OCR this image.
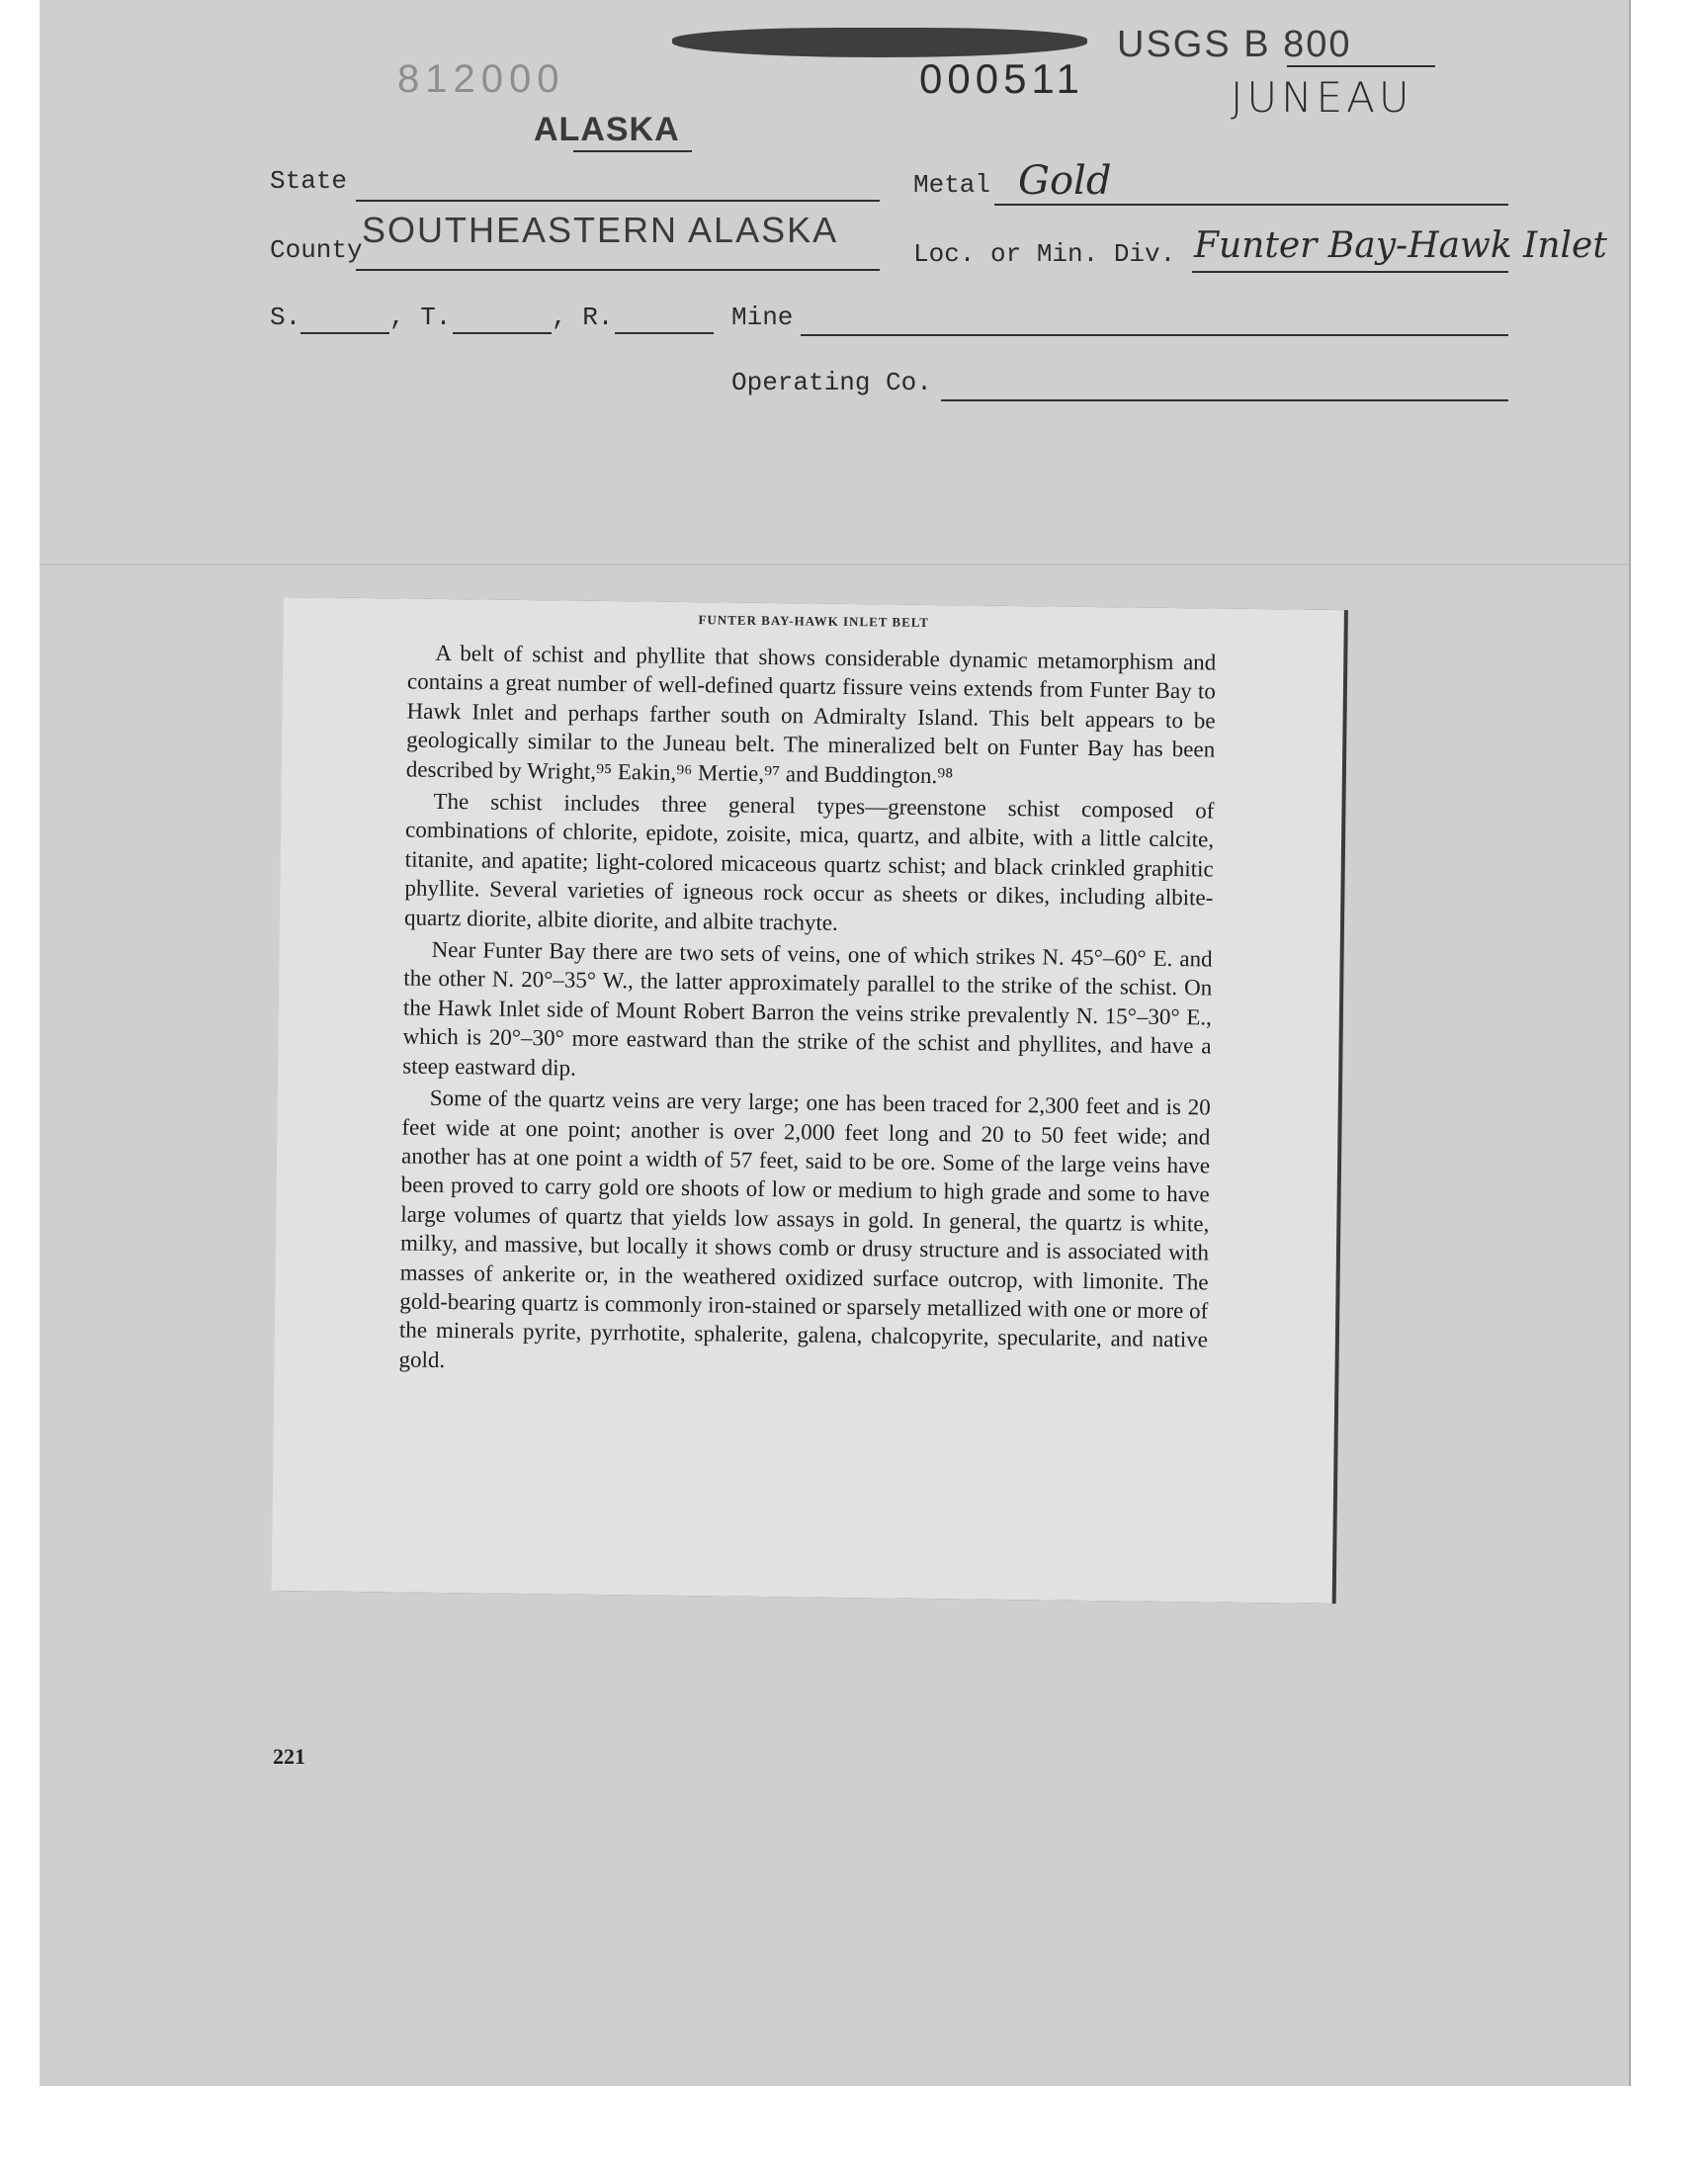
812000	000511
USGS B 800
JUNEAU
ALASKA
State	Metal Gold
County SOUTHEASTERN ALASKA
Loc. or Min. Div. Funter Bay-Hawk Inlet
S.	, T.	, R.	Mine
Operating Co.
221
FUNTER BAY-HAWK INLET BELT

A belt of schist and phyllite that shows considerable dynamic metamorphism and contains a great number of well-defined quartz fissure veins extends from Funter Bay to Hawk Inlet and perhaps farther south on Admiralty Island. This belt appears to be geologically similar to the Juneau belt. The mineralized belt on Funter Bay has been described by Wright,⁹⁵ Eakin,⁹⁶ Mertie,⁹⁷ and Buddington.⁹⁸

The schist includes three general types—greenstone schist composed of combinations of chlorite, epidote, zoisite, mica, quartz, and albite, with a little calcite, titanite, and apatite; light-colored micaceous quartz schist; and black crinkled graphitic phyllite. Several varieties of igneous rock occur as sheets or dikes, including albite-quartz diorite, albite diorite, and albite trachyte.

Near Funter Bay there are two sets of veins, one of which strikes N. 45°–60° E. and the other N. 20°–35° W., the latter approximately parallel to the strike of the schist. On the Hawk Inlet side of Mount Robert Barron the veins strike prevalently N. 15°–30° E., which is 20°–30° more eastward than the strike of the schist and phyllites, and have a steep eastward dip.

Some of the quartz veins are very large; one has been traced for 2,300 feet and is 20 feet wide at one point; another is over 2,000 feet long and 20 to 50 feet wide; and another has at one point a width of 57 feet, said to be ore. Some of the large veins have been proved to carry gold ore shoots of low or medium to high grade and some to have large volumes of quartz that yields low assays in gold. In general, the quartz is white, milky, and massive, but locally it shows comb or drusy structure and is associated with masses of ankerite or, in the weathered oxidized surface outcrop, with limonite. The gold-bearing quartz is commonly iron-stained or sparsely metallized with one or more of the minerals pyrite, pyrrhotite, sphalerite, galena, chalcopyrite, specularite, and native gold.
